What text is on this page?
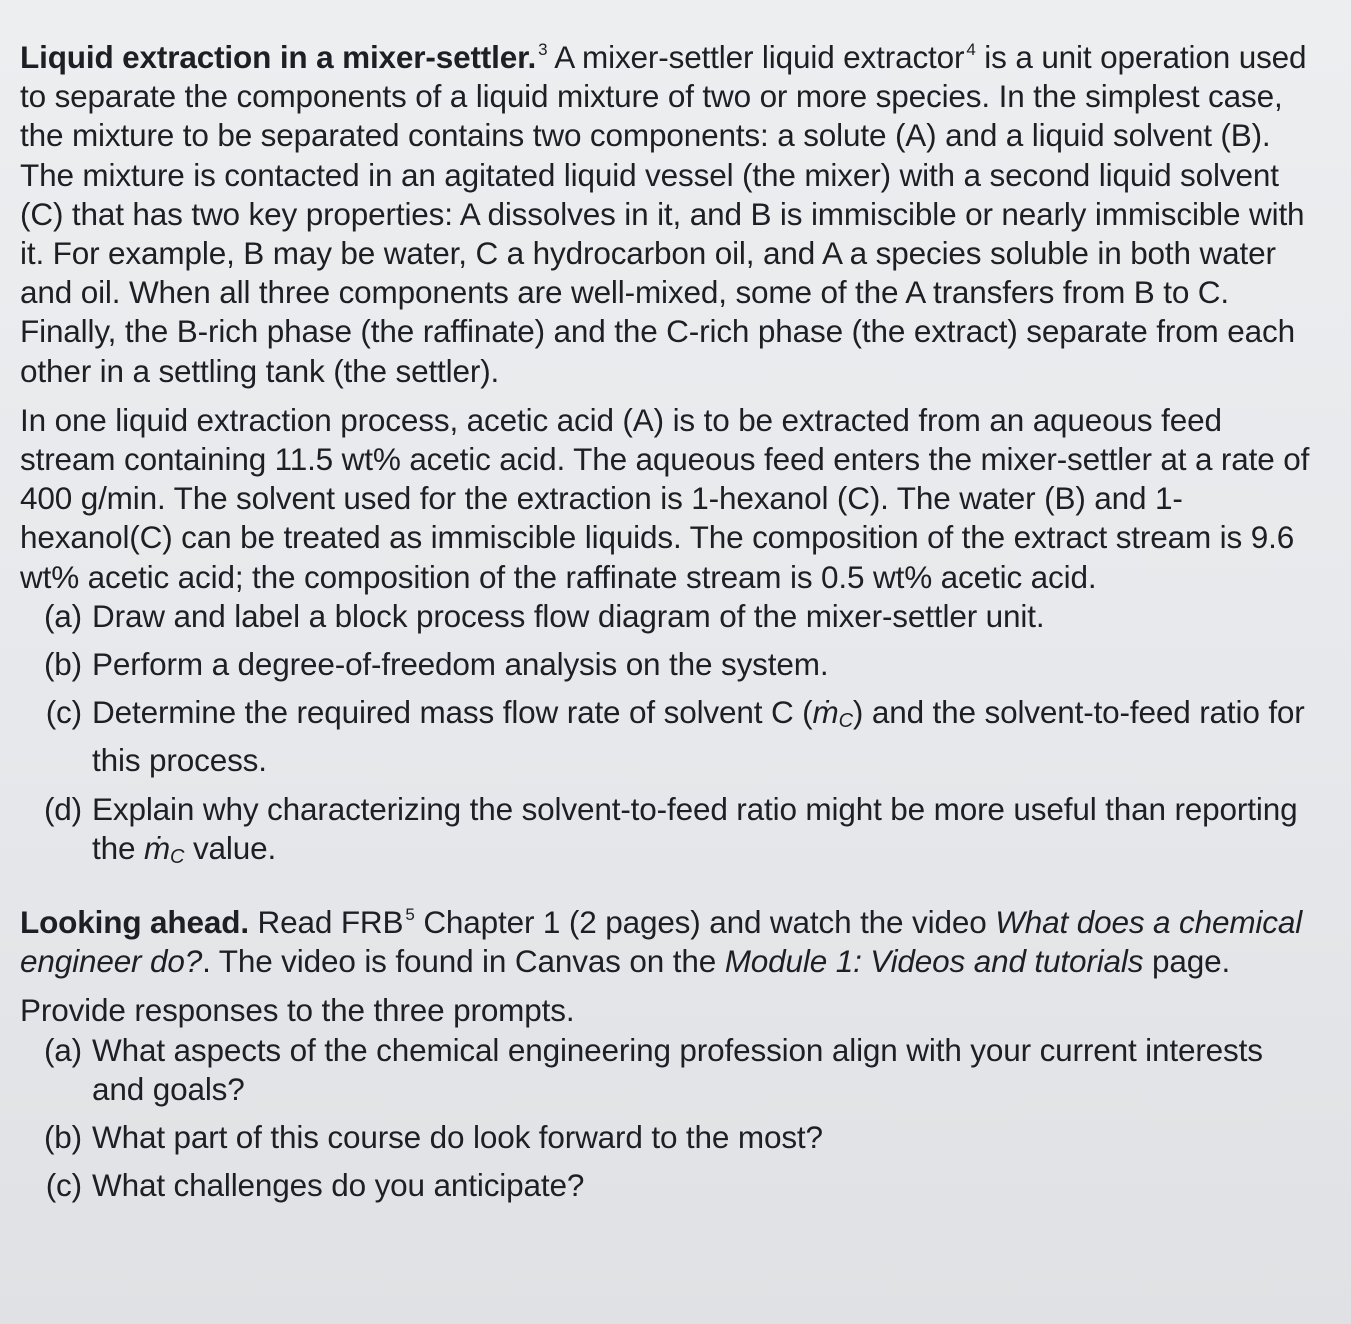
Liquid extraction in a mixer-settler. $^3$ A mixer-settler liquid extractor $^4$ is a unit operation used to separate the components of a liquid mixture of two or more species. In the simplest case, the mixture to be separated contains two components: a solute (A) and a liquid solvent (B). The mixture is contacted in an agitated liquid vessel (the mixer) with a second liquid solvent (C) that has two key properties: A dissolves in it, and B is immiscible or nearly immiscible with it. For example, B may be water, C a hydrocarbon oil, and A a species soluble in both water and oil. When all three components are well-mixed, some of the A transfers from B to C. Finally, the B-rich phase (the raffinate) and the C-rich phase (the extract) separate from each other in a settling tank (the settler).

In one liquid extraction process, acetic acid (A) is to be extracted from an aqueous feed stream containing 11.5 wt% acetic acid. The aqueous feed enters the mixer-settler at a rate of 400 g/min. The solvent used for the extraction is 1-hexanol (C). The water (B) and 1-hexanol(C) can be treated as immiscible liquids. The composition of the extract stream is 9.6 wt% acetic acid; the composition of the raffinate stream is 0.5 wt% acetic acid.

(a) Draw and label a block process flow diagram of the mixer-settler unit.
(b) Perform a degree-of-freedom analysis on the system.
(c) Determine the required mass flow rate of solvent C (ṁ$_C$) and the solvent-to-feed ratio for this process.
(d) Explain why characterizing the solvent-to-feed ratio might be more useful than reporting the ṁ$_C$ value.

Looking ahead. Read FRB $^5$ Chapter 1 (2 pages) and watch the video What does a chemical engineer do?. The video is found in Canvas on the Module 1: Videos and tutorials page.

Provide responses to the three prompts.

(a) What aspects of the chemical engineering profession align with your current interests and goals?
(b) What part of this course do look forward to the most?
(c) What challenges do you anticipate?
